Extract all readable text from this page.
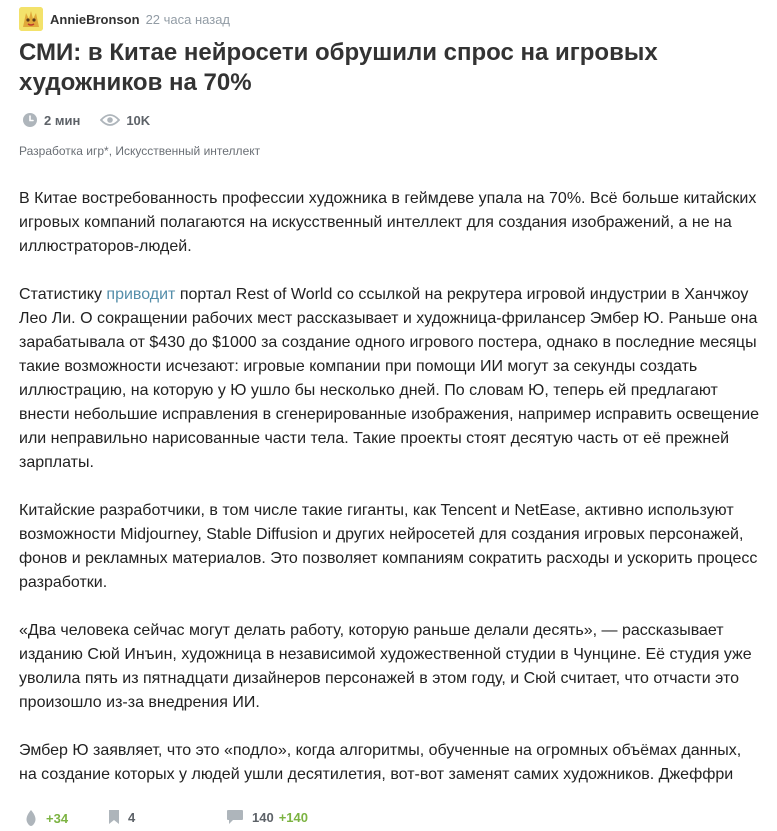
AnnieBronson 22 часа назад
СМИ: в Китае нейросети обрушили спрос на игровых художников на 70%
2 мин	10K
Разработка игр*, Искусственный интеллект

В Китае востребованность профессии художника в геймдеве упала на 70%. Всё больше китайских игровых компаний полагаются на искусственный интеллект для создания изображений, а не на иллюстраторов-людей.

Статистику приводит портал Rest of World со ссылкой на рекрутера игровой индустрии в Ханчжоу Лео Ли. О сокращении рабочих мест рассказывает и художница-фрилансер Эмбер Ю. Раньше она зарабатывала от $430 до $1000 за создание одного игрового постера, однако в последние месяцы такие возможности исчезают: игровые компании при помощи ИИ могут за секунды создать иллюстрацию, на которую у Ю ушло бы несколько дней. По словам Ю, теперь ей предлагают внести небольшие исправления в сгенерированные изображения, например исправить освещение или неправильно нарисованные части тела. Такие проекты стоят десятую часть от её прежней зарплаты.

Китайские разработчики, в том числе такие гиганты, как Tencent и NetEase, активно используют возможности Midjourney, Stable Diffusion и других нейросетей для создания игровых персонажей, фонов и рекламных материалов. Это позволяет компаниям сократить расходы и ускорить процесс разработки.

«Два человека сейчас могут делать работу, которую раньше делали десять», — рассказывает изданию Сюй Инъин, художница в независимой художественной студии в Чунцине. Её студия уже уволила пять из пятнадцати дизайнеров персонажей в этом году, и Сюй считает, что отчасти это произошло из-за внедрения ИИ.

Эмбер Ю заявляет, что это «подло», когда алгоритмы, обученные на огромных объёмах данных, на создание которых у людей ушли десятилетия, вот-вот заменят самих художников. Джеффри

+34	4	140 +140
